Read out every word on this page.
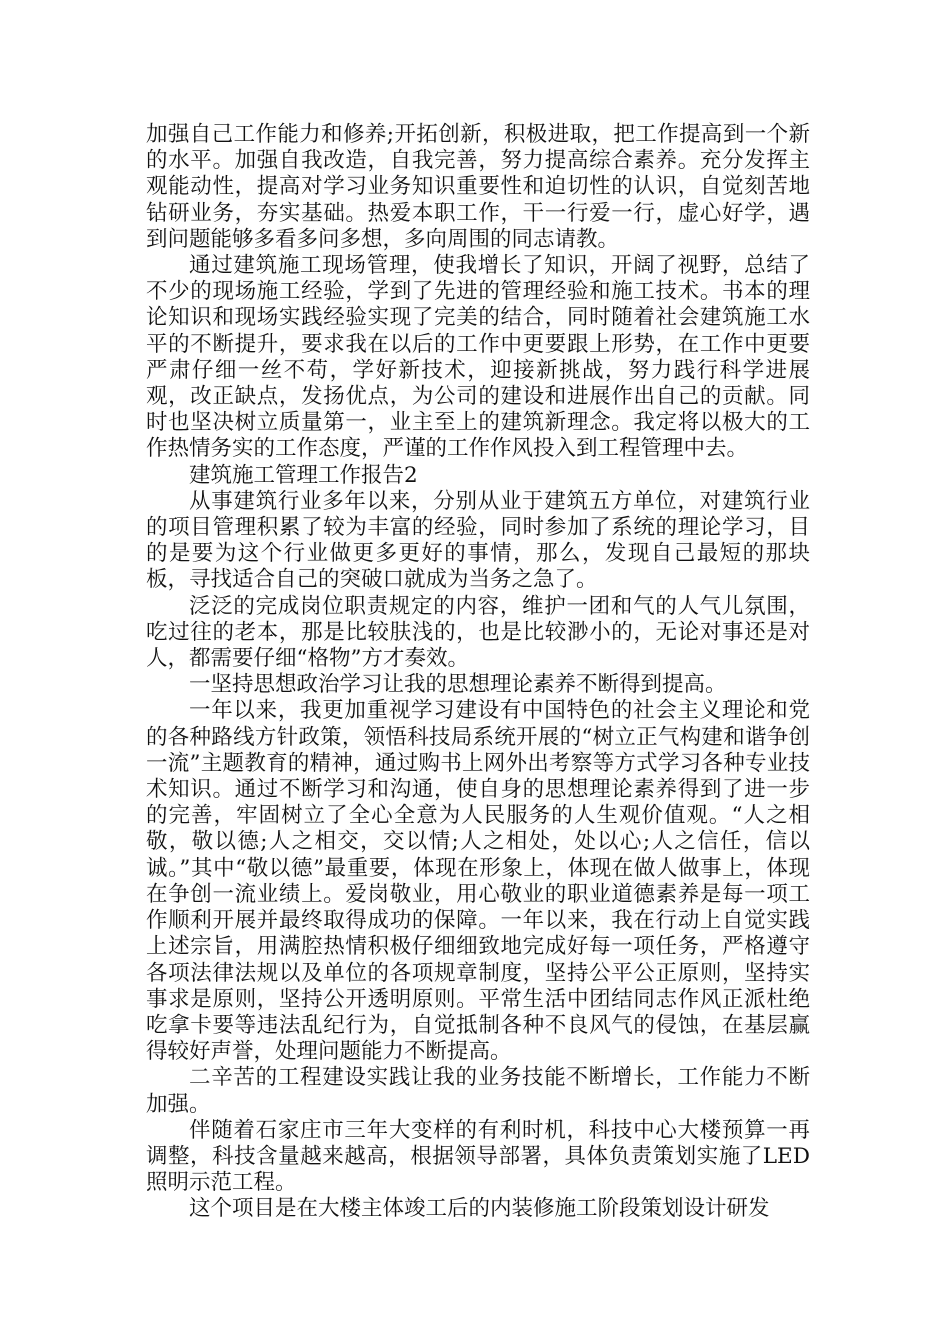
加强自己工作能力和修养;开拓创新，积极进取，把工作提高到一个新的水平。加强自我改造，自我完善，努力提高综合素养。充分发挥主观能动性，提高对学习业务知识重要性和迫切性的认识，自觉刻苦地钻研业务，夯实基础。热爱本职工作，干一行爱一行，虚心好学，遇到问题能够多看多问多想，多向周围的同志请教。

通过建筑施工现场管理，使我增长了知识，开阔了视野，总结了不少的现场施工经验，学到了先进的管理经验和施工技术。书本的理论知识和现场实践经验实现了完美的结合，同时随着社会建筑施工水平的不断提升，要求我在以后的工作中更要跟上形势，在工作中更要严肃仔细一丝不苟，学好新技术，迎接新挑战，努力践行科学进展观，改正缺点，发扬优点，为公司的建设和进展作出自己的贡献。同时也坚决树立质量第一，业主至上的建筑新理念。我定将以极大的工作热情务实的工作态度，严谨的工作作风投入到工程管理中去。

建筑施工管理工作报告2

从事建筑行业多年以来，分别从业于建筑五方单位，对建筑行业的项目管理积累了较为丰富的经验，同时参加了系统的理论学习，目的是要为这个行业做更多更好的事情，那么，发现自己最短的那块板，寻找适合自己的突破口就成为当务之急了。

泛泛的完成岗位职责规定的内容，维护一团和气的人气儿氛围，吃过往的老本，那是比较肤浅的，也是比较渺小的，无论对事还是对人，都需要仔细“格物”方才奏效。

一坚持思想政治学习让我的思想理论素养不断得到提高。

一年以来，我更加重视学习建设有中国特色的社会主义理论和党的各种路线方针政策，领悟科技局系统开展的“树立正气构建和谐争创一流”主题教育的精神，通过购书上网外出考察等方式学习各种专业技术知识。通过不断学习和沟通，使自身的思想理论素养得到了进一步的完善，牢固树立了全心全意为人民服务的人生观价值观。“人之相敬，敬以德;人之相交，交以情;人之相处，处以心;人之信任，信以诚。”其中“敬以德”最重要，体现在形象上，体现在做人做事上，体现在争创一流业绩上。爱岗敬业，用心敬业的职业道德素养是每一项工作顺利开展并最终取得成功的保障。一年以来，我在行动上自觉实践上述宗旨，用满腔热情积极仔细细致地完成好每一项任务，严格遵守各项法律法规以及单位的各项规章制度，坚持公平公正原则，坚持实事求是原则，坚持公开透明原则。平常生活中团结同志作风正派杜绝吃拿卡要等违法乱纪行为，自觉抵制各种不良风气的侵蚀，在基层赢得较好声誉，处理问题能力不断提高。

二辛苦的工程建设实践让我的业务技能不断增长，工作能力不断加强。

伴随着石家庄市三年大变样的有利时机，科技中心大楼预算一再调整，科技含量越来越高，根据领导部署，具体负责策划实施了LED照明示范工程。

这个项目是在大楼主体竣工后的内装修施工阶段策划设计研发
